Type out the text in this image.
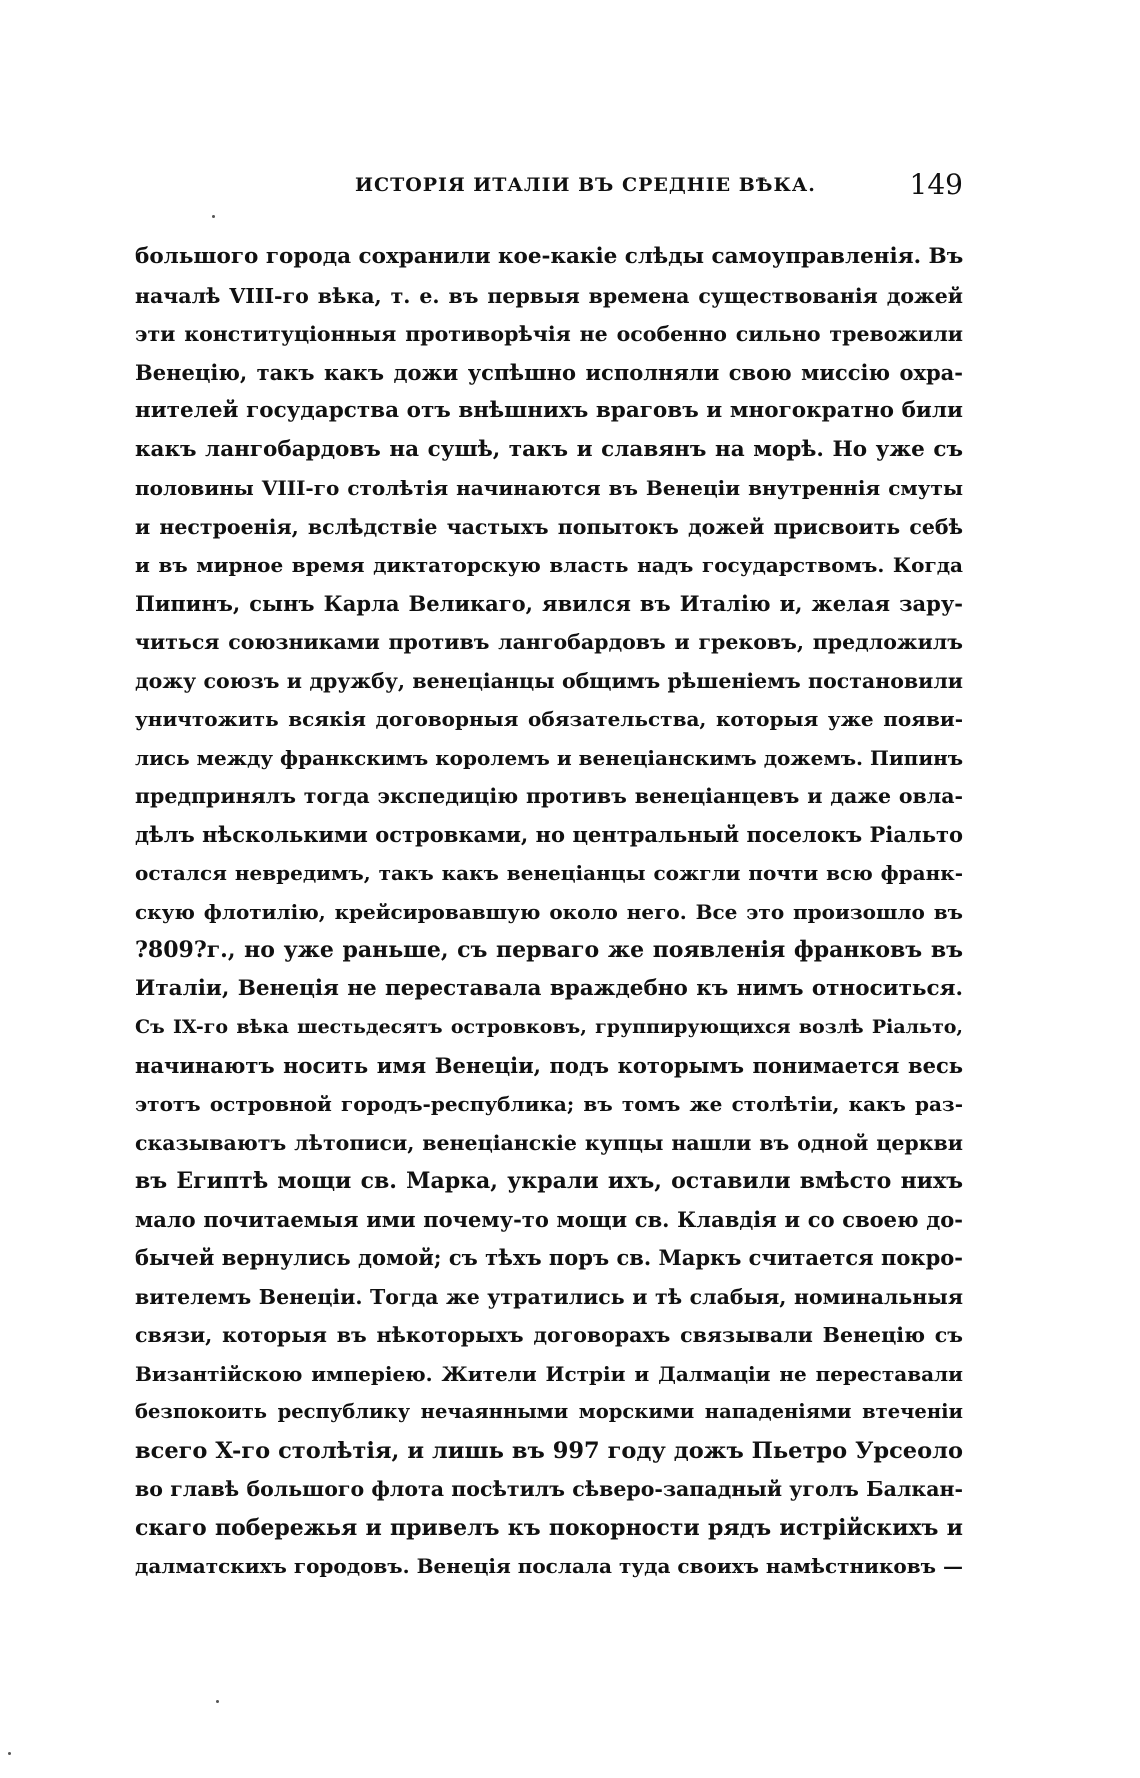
ИСТОРІЯ ИТАЛІИ ВЪ СРЕДНІЕ ВѢКА.	149
большого города сохранили кое-какіе слѣды самоуправленія. Въ
началѣ VIII-го вѣка, т. е. въ первыя времена существованія дожей
эти конституціонныя противорѣчія не особенно сильно тревожили
Венецію, такъ какъ дожи успѣшно исполняли свою миссію охра-
нителей государства отъ внѣшнихъ враговъ и многократно били
какъ лангобардовъ на сушѣ, такъ и славянъ на морѣ. Но уже съ
половины VIII-го столѣтія начинаются въ Венеціи внутреннія смуты
и нестроенія, вслѣдствіе частыхъ попытокъ дожей присвоить себѣ
и въ мирное время диктаторскую власть надъ государствомъ. Когда
Пипинъ, сынъ Карла Великаго, явился въ Италію и, желая зару-
читься союзниками противъ лангобардовъ и грековъ, предложилъ
дожу союзъ и дружбу, венеціанцы общимъ рѣшеніемъ постановили
уничтожить всякія договорныя обязательства, которыя уже появи-
лись между франкскимъ королемъ и венеціанскимъ дожемъ. Пипинъ
предпринялъ тогда экспедицію противъ венеціанцевъ и даже овла-
дѣлъ нѣсколькими островками, но центральный поселокъ Ріальто
остался невредимъ, такъ какъ венеціанцы сожгли почти всю франк-
скую флотилію, крейсировавшую около него. Все это произошло въ
?809?г., но уже раньше, съ перваго же появленія франковъ въ
Италіи, Венеція не переставала враждебно къ нимъ относиться.
Съ IX-го вѣка шестьдесятъ островковъ, группирующихся возлѣ Ріальто,
начинаютъ носить имя Венеціи, подъ которымъ понимается весь
этотъ островной городъ-республика; въ томъ же столѣтіи, какъ раз-
сказываютъ лѣтописи, венеціанскіе купцы нашли въ одной церкви
въ Египтѣ мощи св. Марка, украли ихъ, оставили вмѣсто нихъ
мало почитаемыя ими почему-то мощи св. Клавдія и со своею до-
бычей вернулись домой; съ тѣхъ поръ св. Маркъ считается покро-
вителемъ Венеціи. Тогда же утратились и тѣ слабыя, номинальныя
связи, которыя въ нѣкоторыхъ договорахъ связывали Венецію съ
Византійскою имперіею. Жители Истріи и Далмаціи не переставали
безпокоить республику нечаянными морскими нападеніями втеченіи
всего X-го столѣтія, и лишь въ 997 году дожъ Пьетро Урсеоло
во главѣ большого флота посѣтилъ сѣверо-западный уголъ Балкан-
скаго побережья и привелъ къ покорности рядъ истрійскихъ и
далматскихъ городовъ. Венеція послала туда своихъ намѣстниковъ —
